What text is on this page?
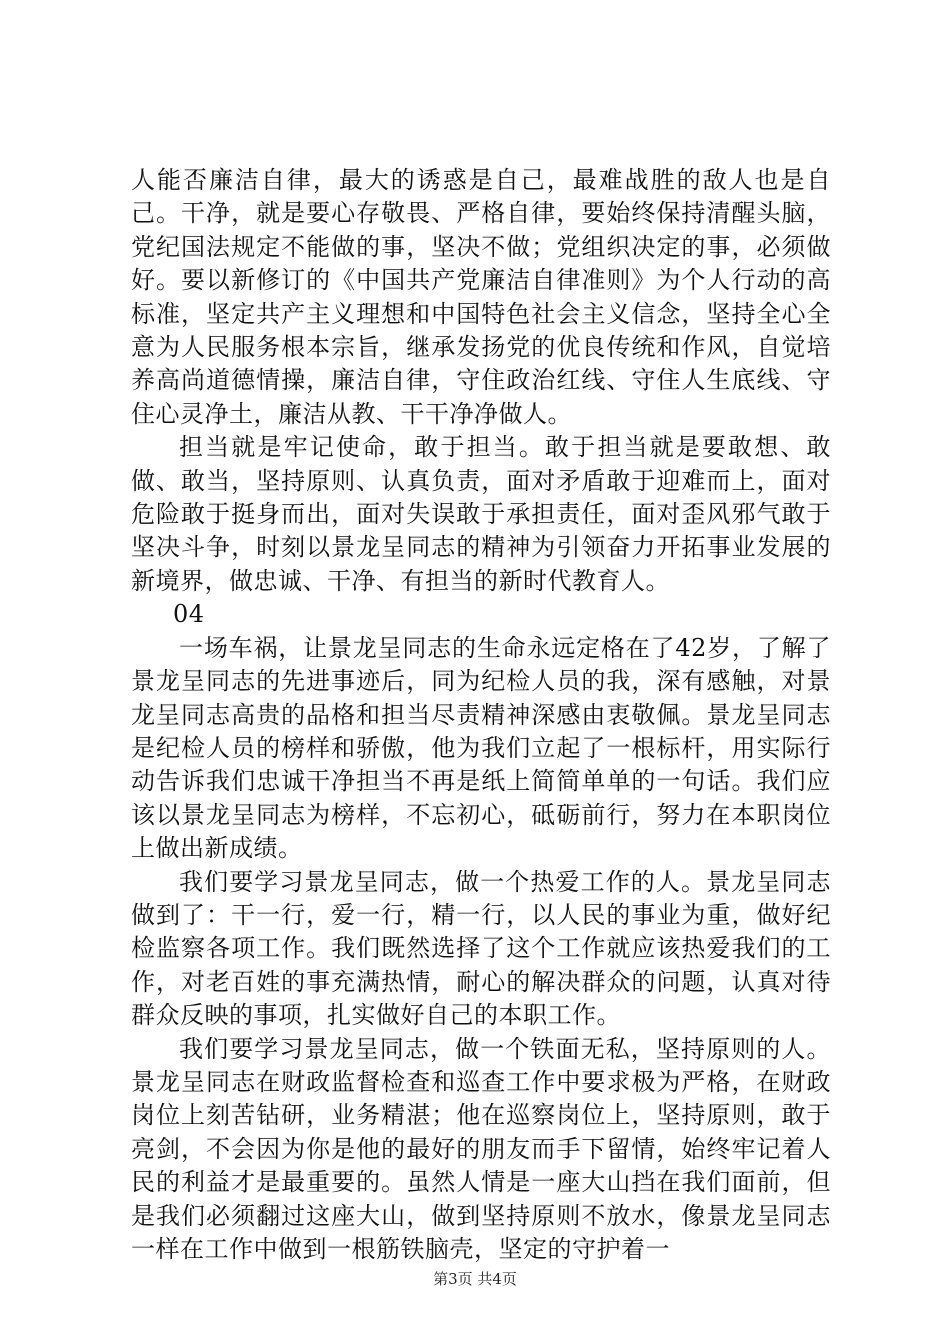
人能否廉洁自律，最大的诱惑是自己，最难战胜的敌人也是自己。干净，就是要心存敬畏、严格自律，要始终保持清醒头脑，党纪国法规定不能做的事，坚决不做；党组织决定的事，必须做好。要以新修订的《中国共产党廉洁自律准则》为个人行动的高标准，坚定共产主义理想和中国特色社会主义信念，坚持全心全意为人民服务根本宗旨，继承发扬党的优良传统和作风，自觉培养高尚道德情操，廉洁自律，守住政治红线、守住人生底线、守住心灵净土，廉洁从教、干干净净做人。

担当就是牢记使命，敢于担当。敢于担当就是要敢想、敢做、敢当，坚持原则、认真负责，面对矛盾敢于迎难而上，面对危险敢于挺身而出，面对失误敢于承担责任，面对歪风邪气敢于坚决斗争，时刻以景龙呈同志的精神为引领奋力开拓事业发展的新境界，做忠诚、干净、有担当的新时代教育人。

04

一场车祸，让景龙呈同志的生命永远定格在了42岁，了解了景龙呈同志的先进事迹后，同为纪检人员的我，深有感触，对景龙呈同志高贵的品格和担当尽责精神深感由衷敬佩。景龙呈同志是纪检人员的榜样和骄傲，他为我们立起了一根标杆，用实际行动告诉我们忠诚干净担当不再是纸上简简单单的一句话。我们应该以景龙呈同志为榜样，不忘初心，砥砺前行，努力在本职岗位上做出新成绩。

我们要学习景龙呈同志，做一个热爱工作的人。景龙呈同志做到了：干一行，爱一行，精一行，以人民的事业为重，做好纪检监察各项工作。我们既然选择了这个工作就应该热爱我们的工作，对老百姓的事充满热情，耐心的解决群众的问题，认真对待群众反映的事项，扎实做好自己的本职工作。

我们要学习景龙呈同志，做一个铁面无私，坚持原则的人。景龙呈同志在财政监督检查和巡查工作中要求极为严格，在财政岗位上刻苦钻研，业务精湛；他在巡察岗位上，坚持原则，敢于亮剑，不会因为你是他的最好的朋友而手下留情，始终牢记着人民的利益才是最重要的。虽然人情是一座大山挡在我们面前，但是我们必须翻过这座大山，做到坚持原则不放水，像景龙呈同志一样在工作中做到一根筋铁脑壳，坚定的守护着一

第3页 共4页
